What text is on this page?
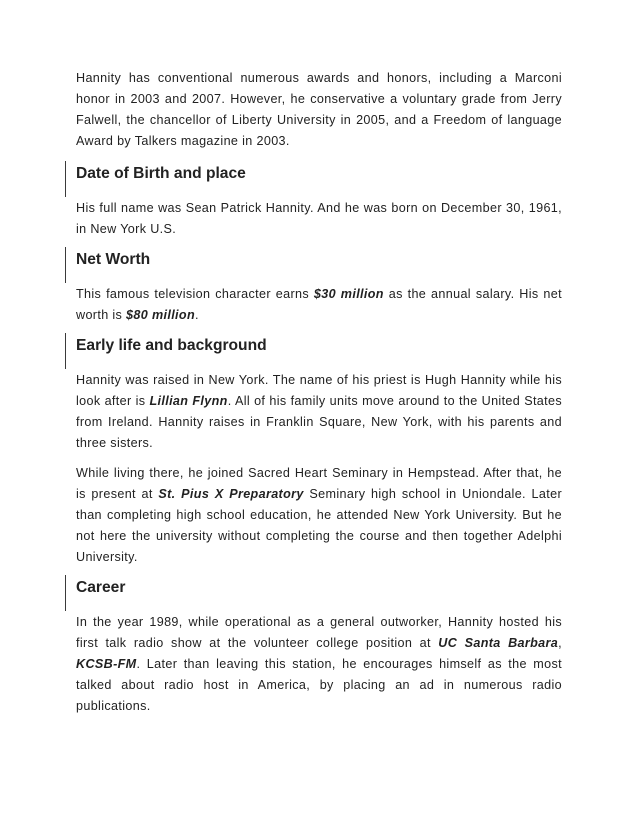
Hannity has conventional numerous awards and honors, including a Marconi honor in 2003 and 2007. However, he conservative a voluntary grade from Jerry Falwell, the chancellor of Liberty University in 2005, and a Freedom of language Award by Talkers magazine in 2003.

Date of Birth and place

His full name was Sean Patrick Hannity. And he was born on December 30, 1961, in New York U.S.

Net Worth

This famous television character earns $30 million as the annual salary. His net worth is $80 million.

Early life and background

Hannity was raised in New York. The name of his priest is Hugh Hannity while his look after is Lillian Flynn. All of his family units move around to the United States from Ireland. Hannity raises in Franklin Square, New York, with his parents and three sisters.

While living there, he joined Sacred Heart Seminary in Hempstead. After that, he is present at St. Pius X Preparatory Seminary high school in Uniondale. Later than completing high school education, he attended New York University. But he not here the university without completing the course and then together Adelphi University.

Career

In the year 1989, while operational as a general outworker, Hannity hosted his first talk radio show at the volunteer college position at UC Santa Barbara, KCSB-FM. Later than leaving this station, he encourages himself as the most talked about radio host in America, by placing an ad in numerous radio publications.
